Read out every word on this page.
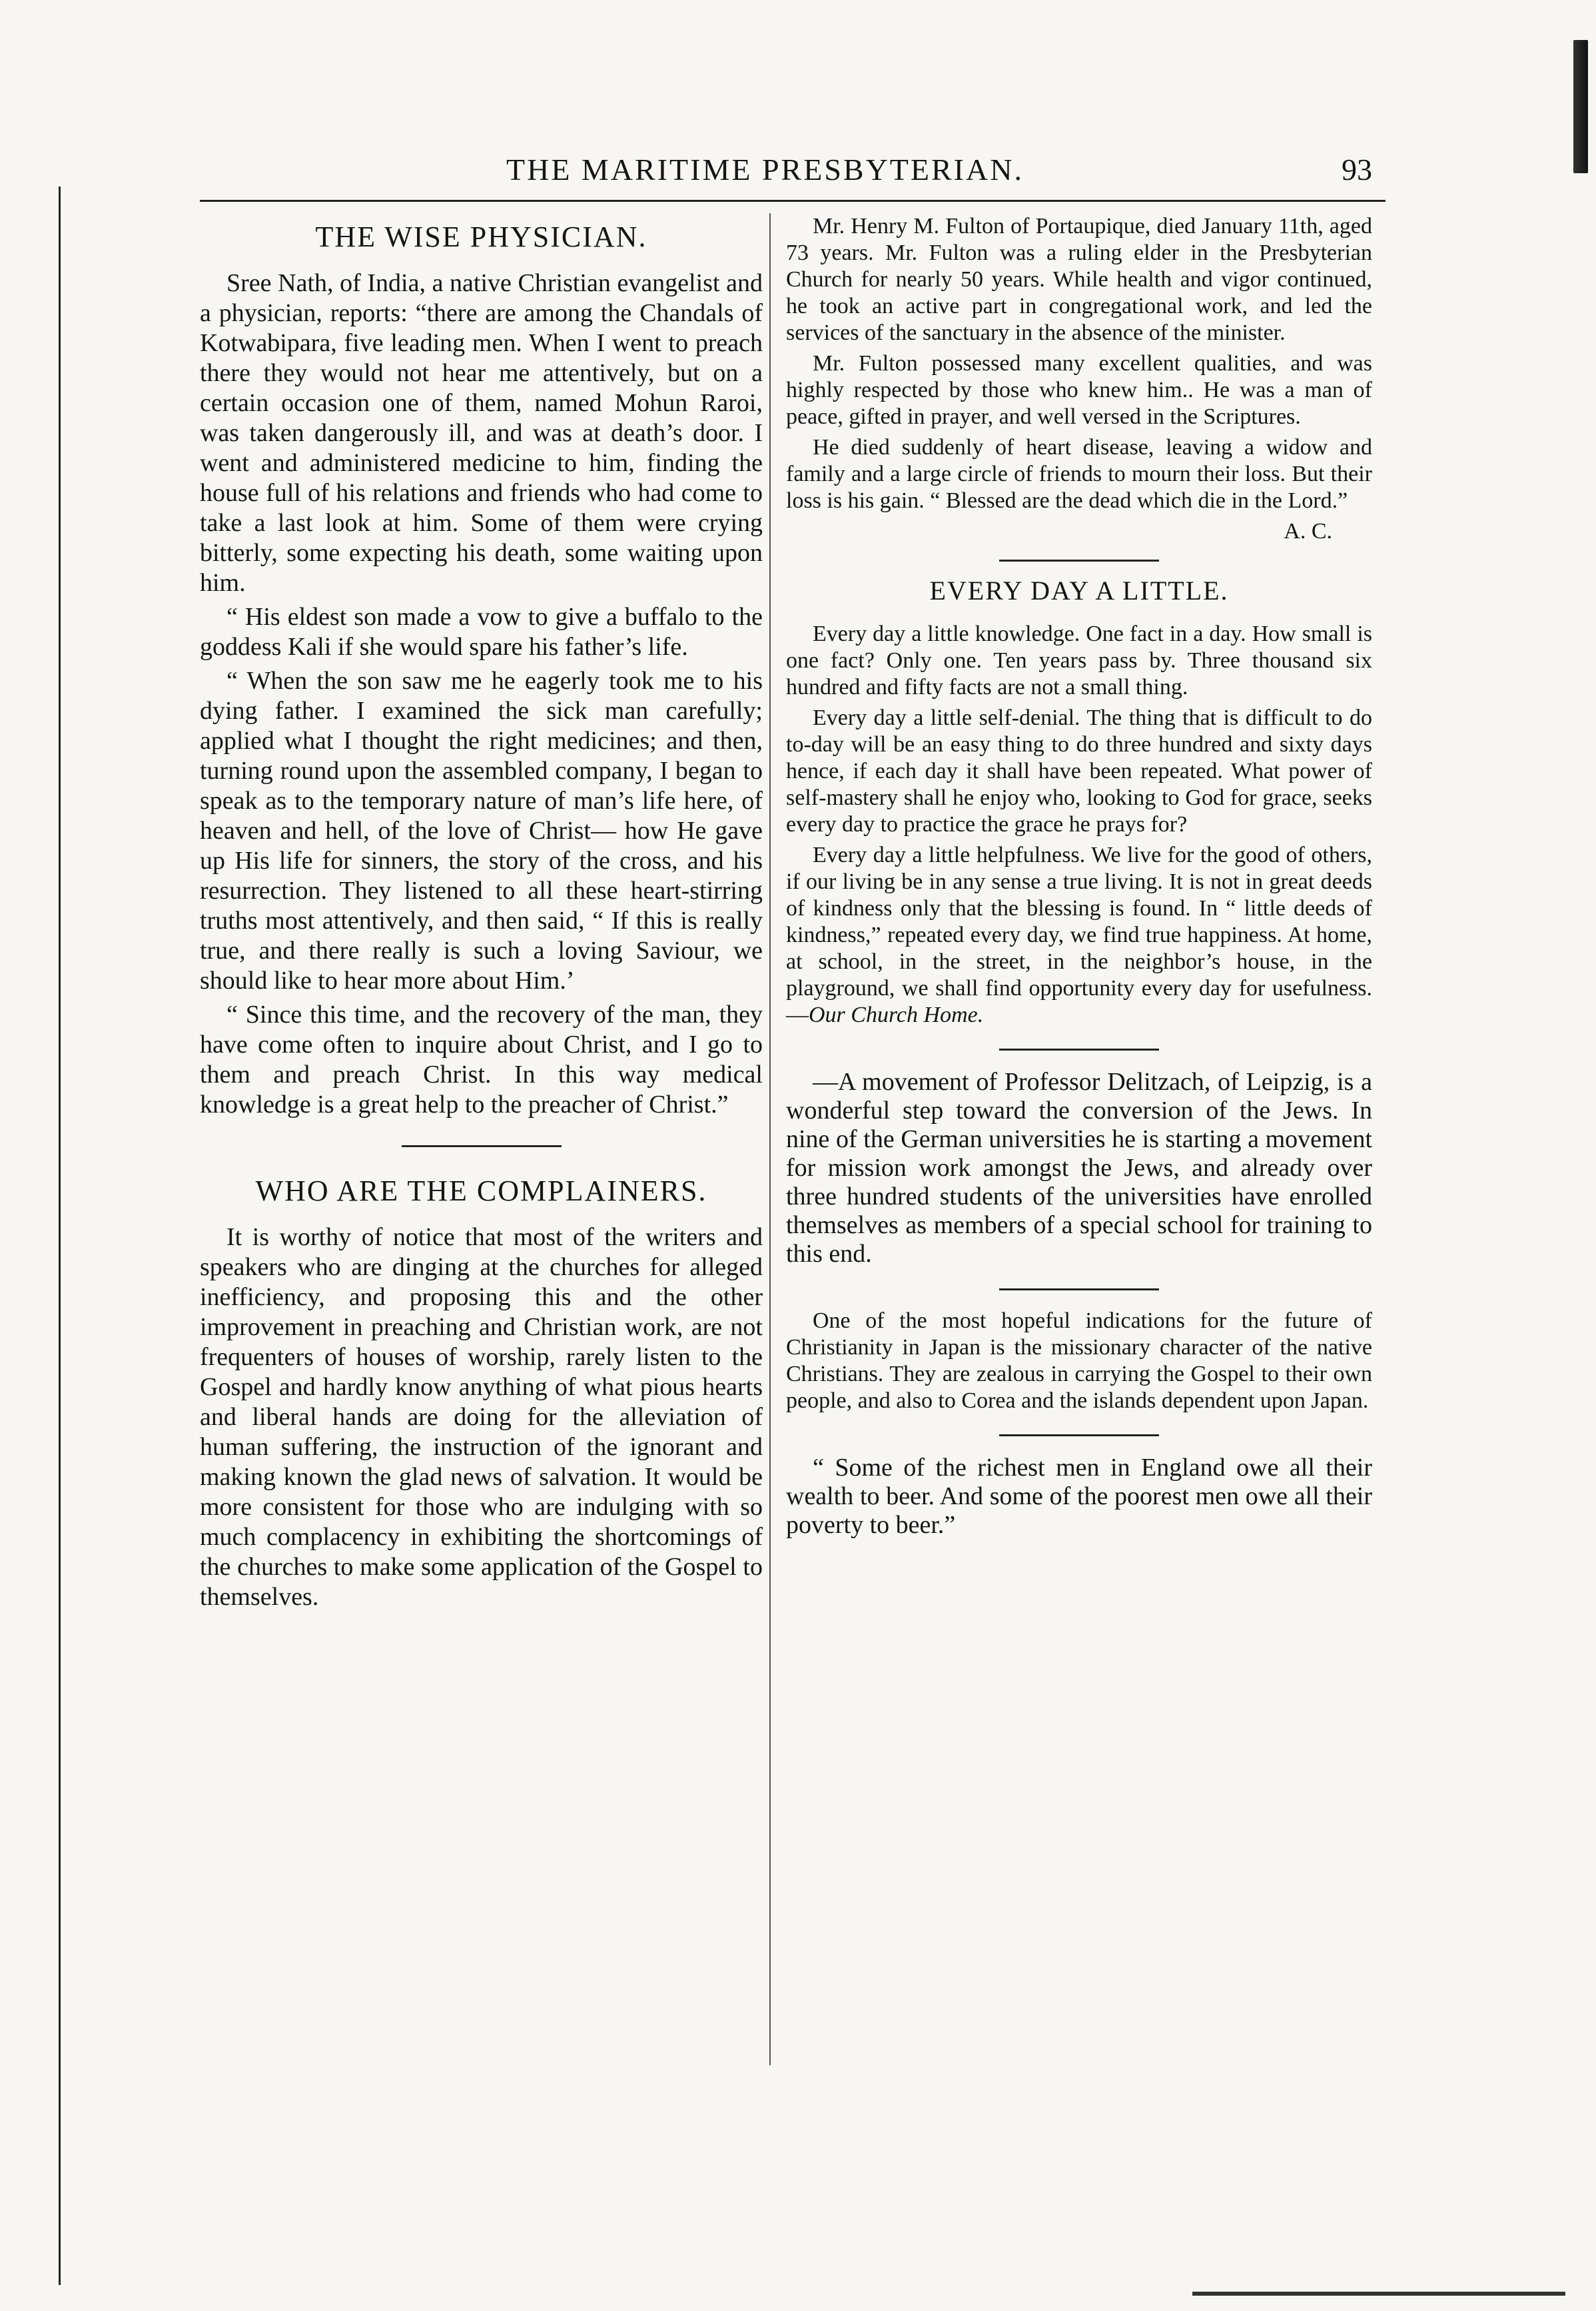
THE MARITIME PRESBYTERIAN.	93
THE WISE PHYSICIAN.

Sree Nath, of India, a native Christian evangelist and a physician, reports: “there are among the Chandals of Kotwabipara, five leading men. When I went to preach there they would not hear me attentively, but on a certain occasion one of them, named Mohun Raroi, was taken dangerously ill, and was at death’s door. I went and administered medicine to him, finding the house full of his relations and friends who had come to take a last look at him. Some of them were crying bitterly, some expecting his death, some waiting upon him.

“ His eldest son made a vow to give a buffalo to the goddess Kali if she would spare his father’s life.

“ When the son saw me he eagerly took me to his dying father. I examined the sick man carefully; applied what I thought the right medicines; and then, turning round upon the assembled company, I began to speak as to the temporary nature of man’s life here, of heaven and hell, of the love of Christ— how He gave up His life for sinners, the story of the cross, and his resurrection. They listened to all these heart-stirring truths most attentively, and then said, “ If this is really true, and there really is such a loving Saviour, we should like to hear more about Him.’

“ Since this time, and the recovery of the man, they have come often to inquire about Christ, and I go to them and preach Christ. In this way medical knowledge is a great help to the preacher of Christ.”

WHO ARE THE COMPLAINERS.

It is worthy of notice that most of the writers and speakers who are dinging at the churches for alleged inefficiency, and proposing this and the other improvement in preaching and Christian work, are not frequenters of houses of worship, rarely listen to the Gospel and hardly know anything of what pious hearts and liberal hands are doing for the alleviation of human suffering, the instruction of the ignorant and making known the glad news of salvation. It would be more consistent for those who are indulging with so much complacency in exhibiting the shortcomings of the churches to make some application of the Gospel to themselves.

Mr. Henry M. Fulton of Portaupique, died January 11th, aged 73 years. Mr. Fulton was a ruling elder in the Presbyterian Church for nearly 50 years. While health and vigor continued, he took an active part in congregational work, and led the services of the sanctuary in the absence of the minister.

Mr. Fulton possessed many excellent qualities, and was highly respected by those who knew him.. He was a man of peace, gifted in prayer, and well versed in the Scriptures.

He died suddenly of heart disease, leaving a widow and family and a large circle of friends to mourn their loss. But their loss is his gain. “ Blessed are the dead which die in the Lord.”

A. C.

EVERY DAY A LITTLE.

Every day a little knowledge. One fact in a day. How small is one fact? Only one. Ten years pass by. Three thousand six hundred and fifty facts are not a small thing.

Every day a little self-denial. The thing that is difficult to do to-day will be an easy thing to do three hundred and sixty days hence, if each day it shall have been repeated. What power of self-mastery shall he enjoy who, looking to God for grace, seeks every day to practice the grace he prays for?

Every day a little helpfulness. We live for the good of others, if our living be in any sense a true living. It is not in great deeds of kindness only that the blessing is found. In “ little deeds of kindness,” repeated every day, we find true happiness. At home, at school, in the street, in the neighbor’s house, in the playground, we shall find opportunity every day for usefulness.—Our Church Home.

—A movement of Professor Delitzach, of Leipzig, is a wonderful step toward the conversion of the Jews. In nine of the German universities he is starting a movement for mission work amongst the Jews, and already over three hundred students of the universities have enrolled themselves as members of a special school for training to this end.

One of the most hopeful indications for the future of Christianity in Japan is the missionary character of the native Christians. They are zealous in carrying the Gospel to their own people, and also to Corea and the islands dependent upon Japan.

“ Some of the richest men in England owe all their wealth to beer. And some of the poorest men owe all their poverty to beer.”
